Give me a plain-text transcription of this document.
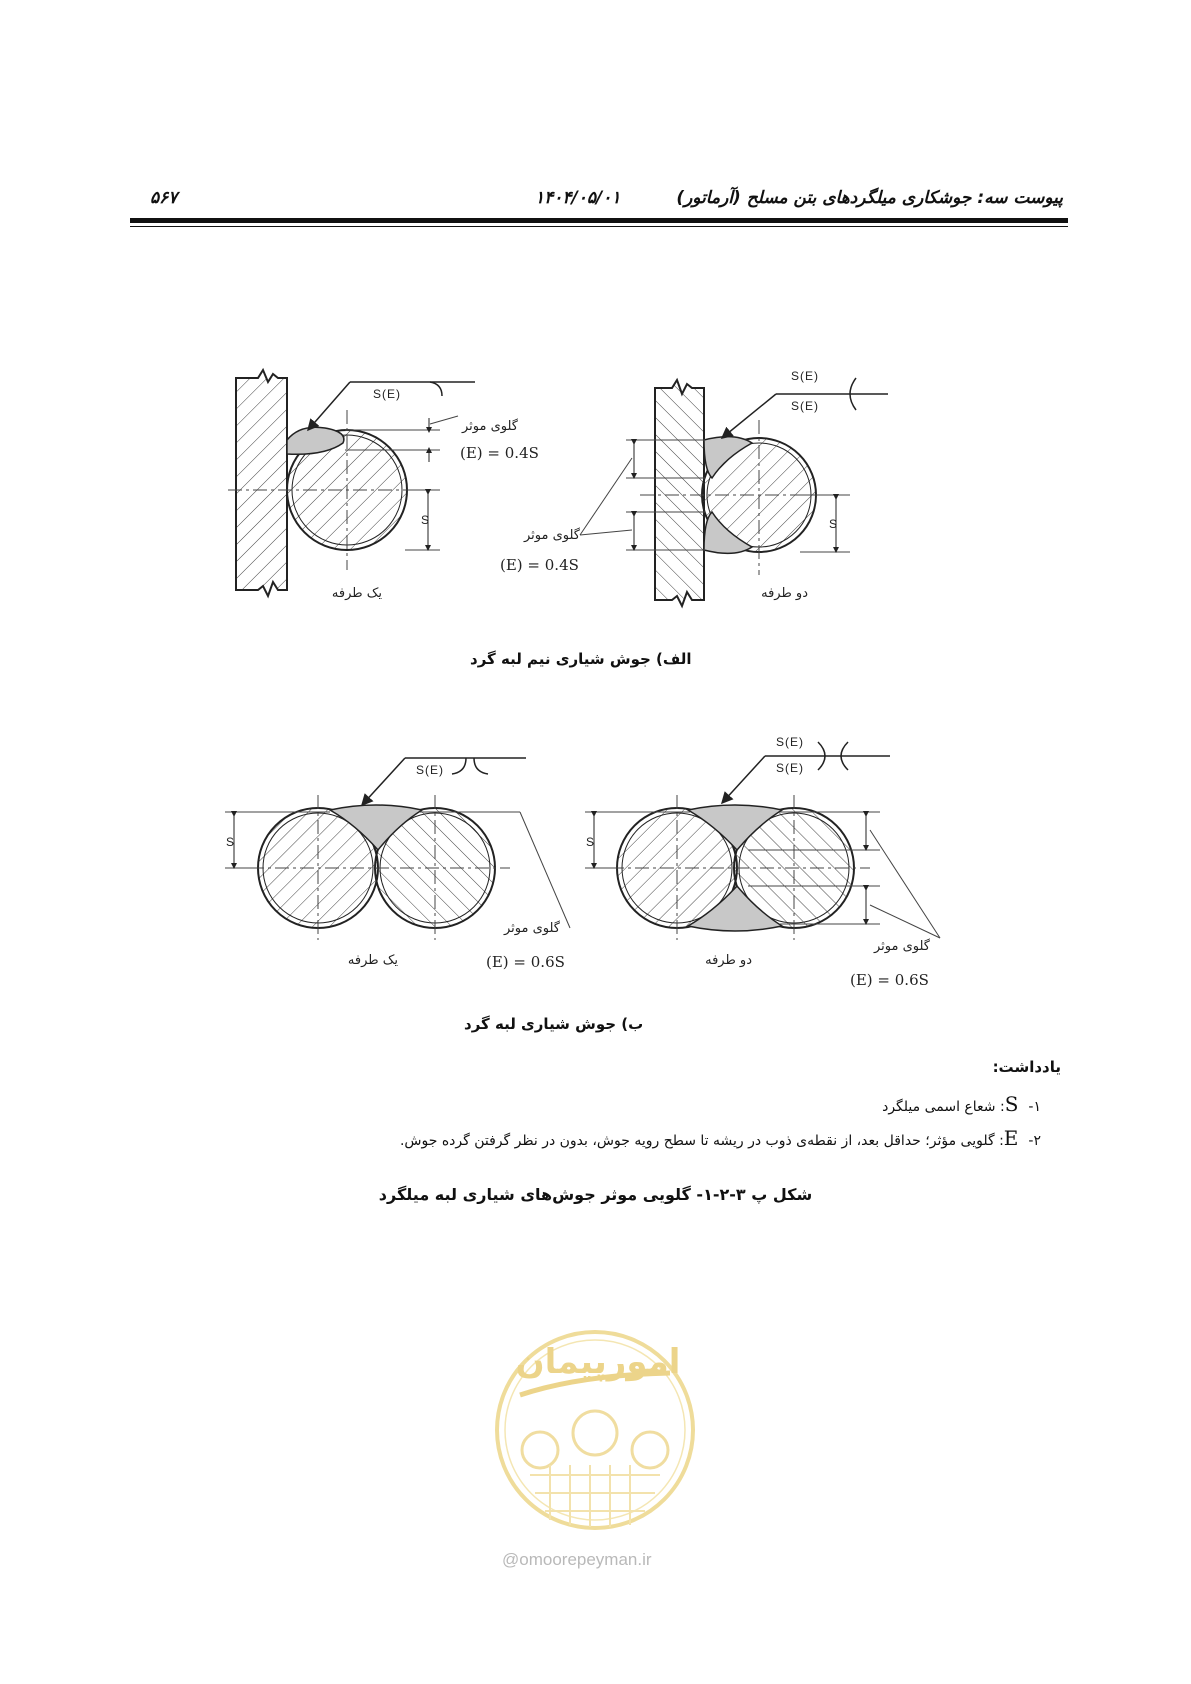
پیوست سه: جوشکاری میلگردهای بتن مسلح (آرماتور)
۱۴۰۴/۰۵/۰۱
۵۶۷
S(E)
گلوی موثر
(E) = 0.4S
S
یک طرفه
S(E)
S(E)
گلوی موثر
(E) = 0.4S
S
دو طرفه
S(E)
S
گلوی موثر
(E) = 0.6S
یک طرفه
S(E)
S(E)
S
گلوی موثر
(E) = 0.6S
دو طرفه
الف) جوش شیاری نیم لبه گرد
ب) جوش شیاری لبه گرد
یادداشت:
۱-S: شعاع اسمی میلگرد
۲-E: گلویی مؤثر؛ حداقل بعد، از نقطه‌ی ذوب در ریشه تا سطح رویه جوش، بدون در نظر گرفتن گرده جوش.
شکل پ ۳-۲-۱- گلویی موثر جوش‌های شیاری لبه میلگرد
امورپیمان
@omoorepeyman.ir
